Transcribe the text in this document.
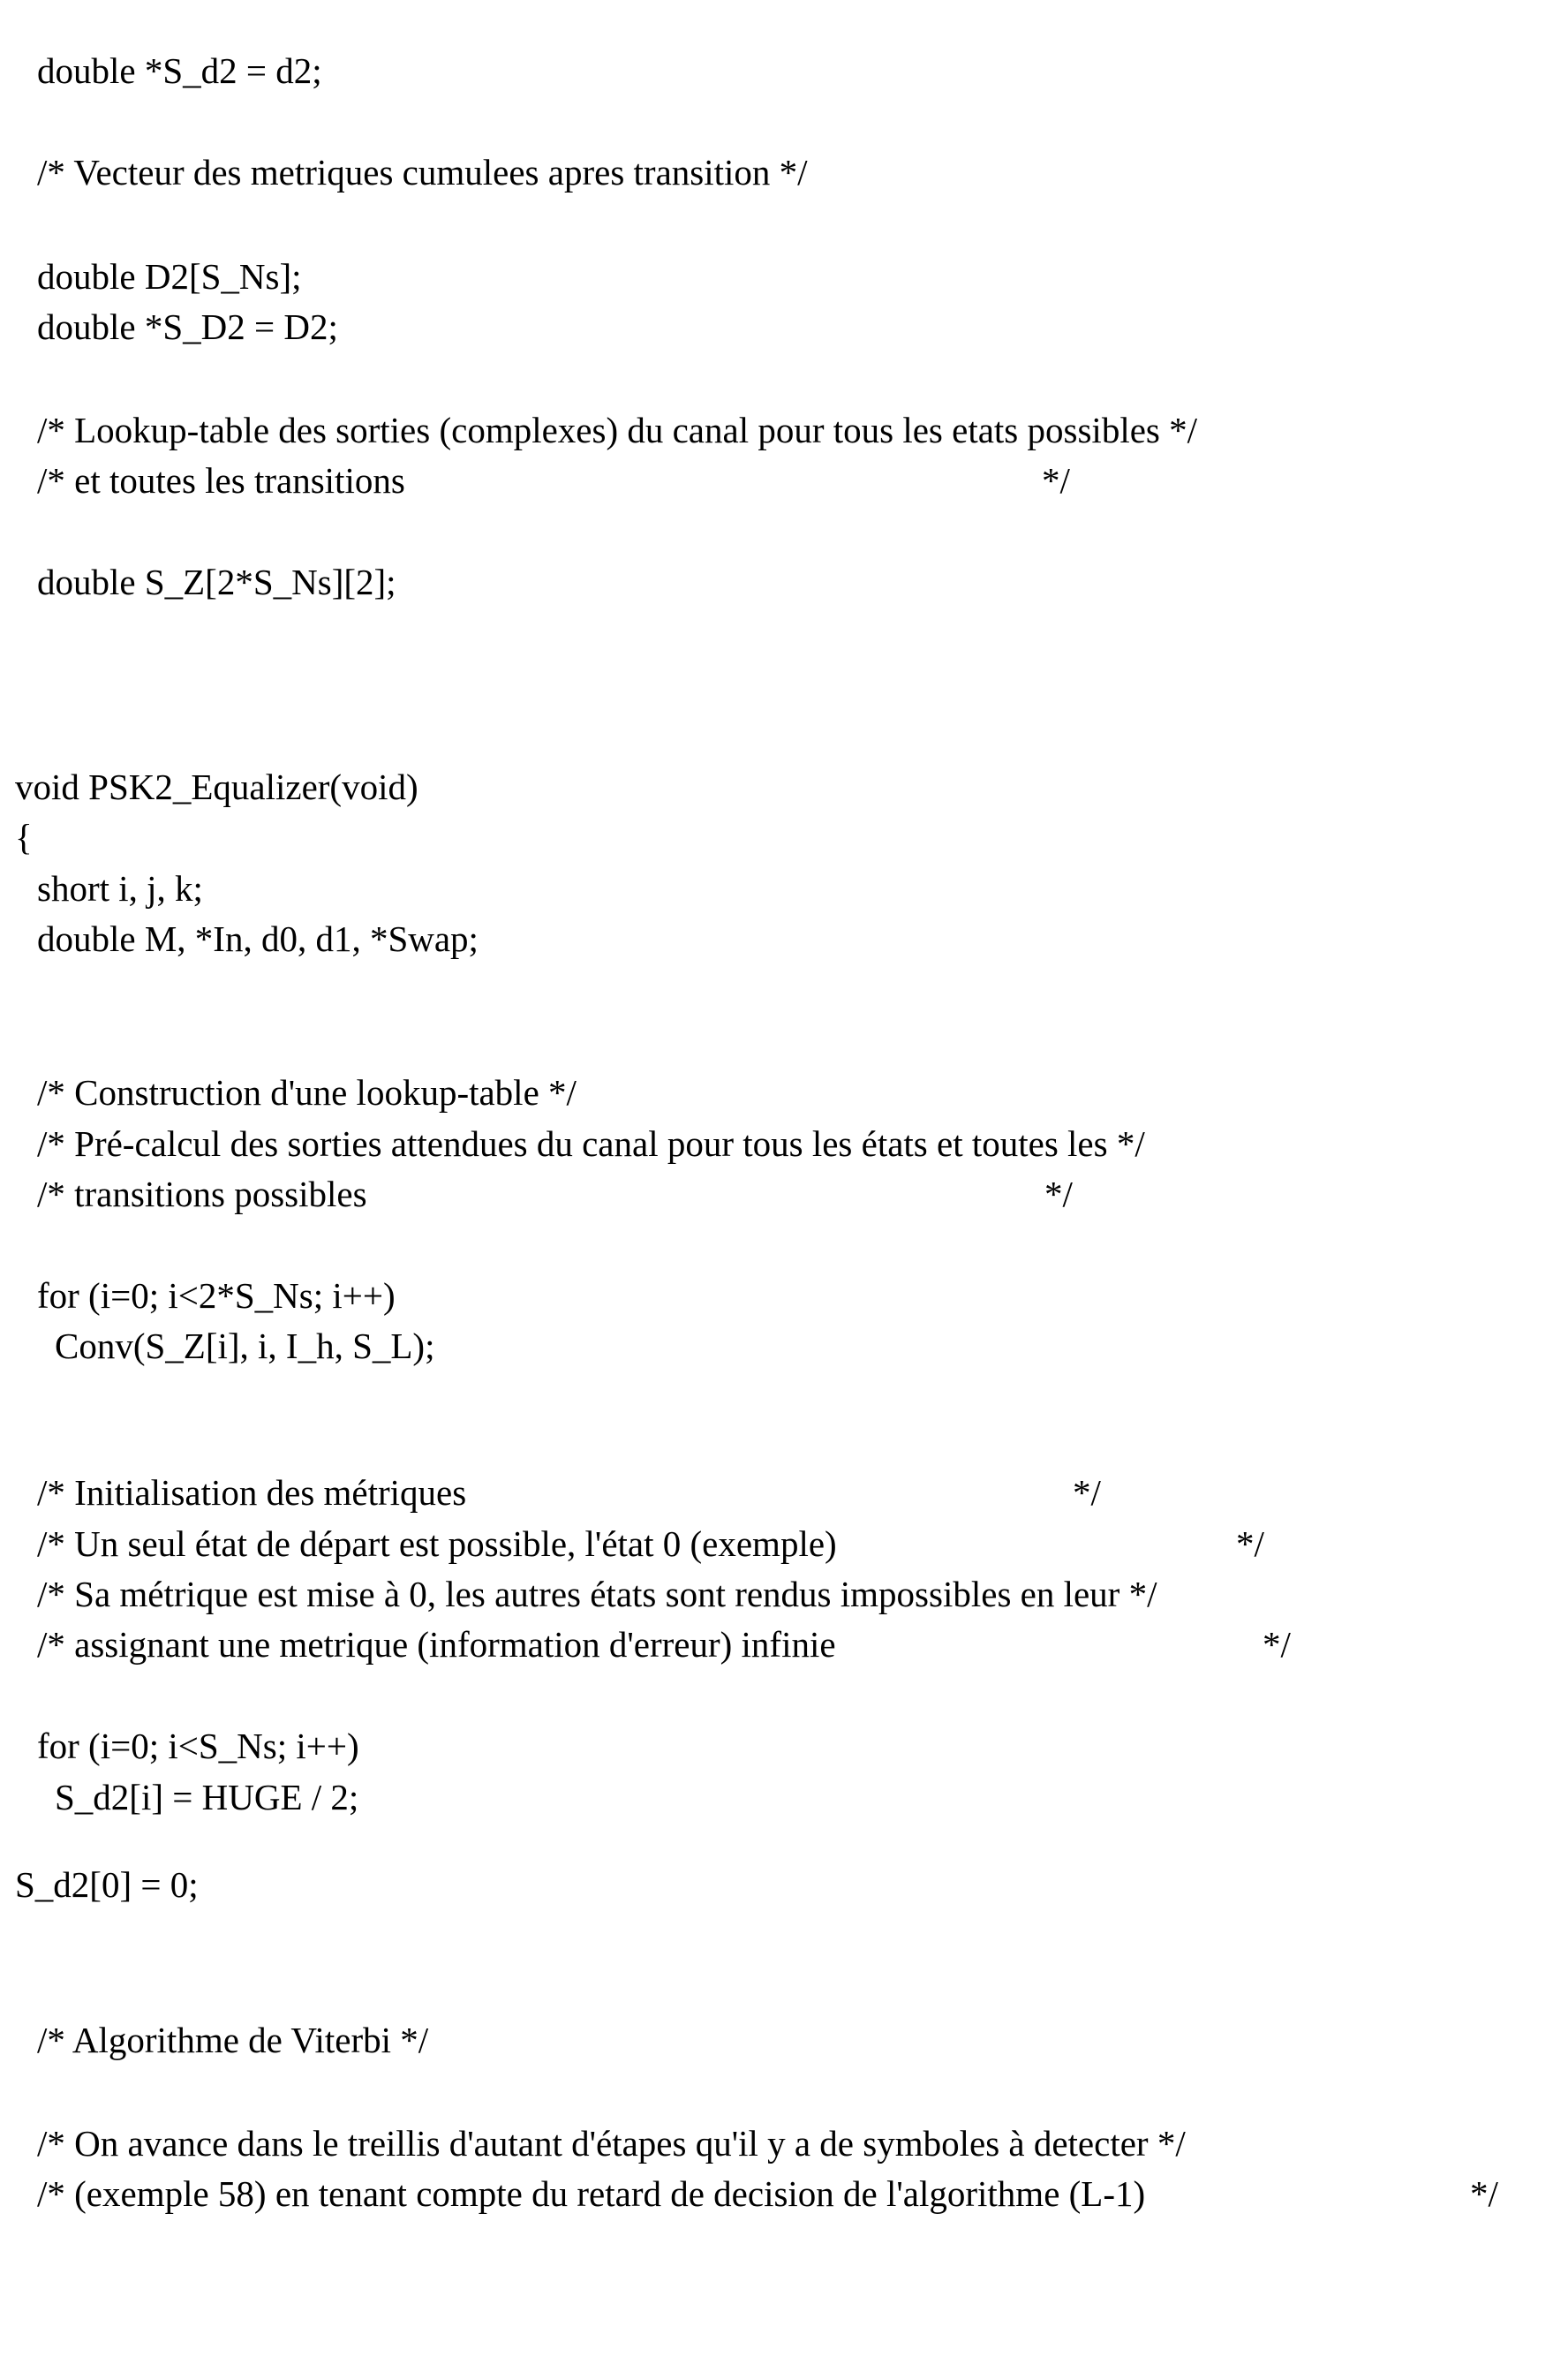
double *S_d2 = d2;
/* Vecteur des metriques cumulees apres transition */
double D2[S_Ns];
double *S_D2 = D2;
/* Lookup-table des sorties (complexes) du canal pour tous les etats possibles */
/* et toutes les transitions	*/
double S_Z[2*S_Ns][2];
void PSK2_Equalizer(void)
{
short i, j, k;
double M, *In, d0, d1, *Swap;
/* Construction d'une lookup-table */
/* Pré-calcul des sorties attendues du canal pour tous les états et toutes les */
/* transitions possibles	*/
for (i=0; i<2*S_Ns; i++)
Conv(S_Z[i], i, I_h, S_L);
/* Initialisation des métriques	*/
/* Un seul état de départ est possible, l'état 0 (exemple)	*/
/* Sa métrique est mise à 0, les autres états sont rendus impossibles en leur */
/* assignant une metrique (information d'erreur) infinie	*/
for (i=0; i<S_Ns; i++)
S_d2[i] = HUGE / 2;
S_d2[0] = 0;
/* Algorithme de Viterbi */
/* On avance dans le treillis d'autant d'étapes qu'il y a de symboles à detecter */
/* (exemple 58) en tenant compte du retard de decision de l'algorithme (L-1)	*/
